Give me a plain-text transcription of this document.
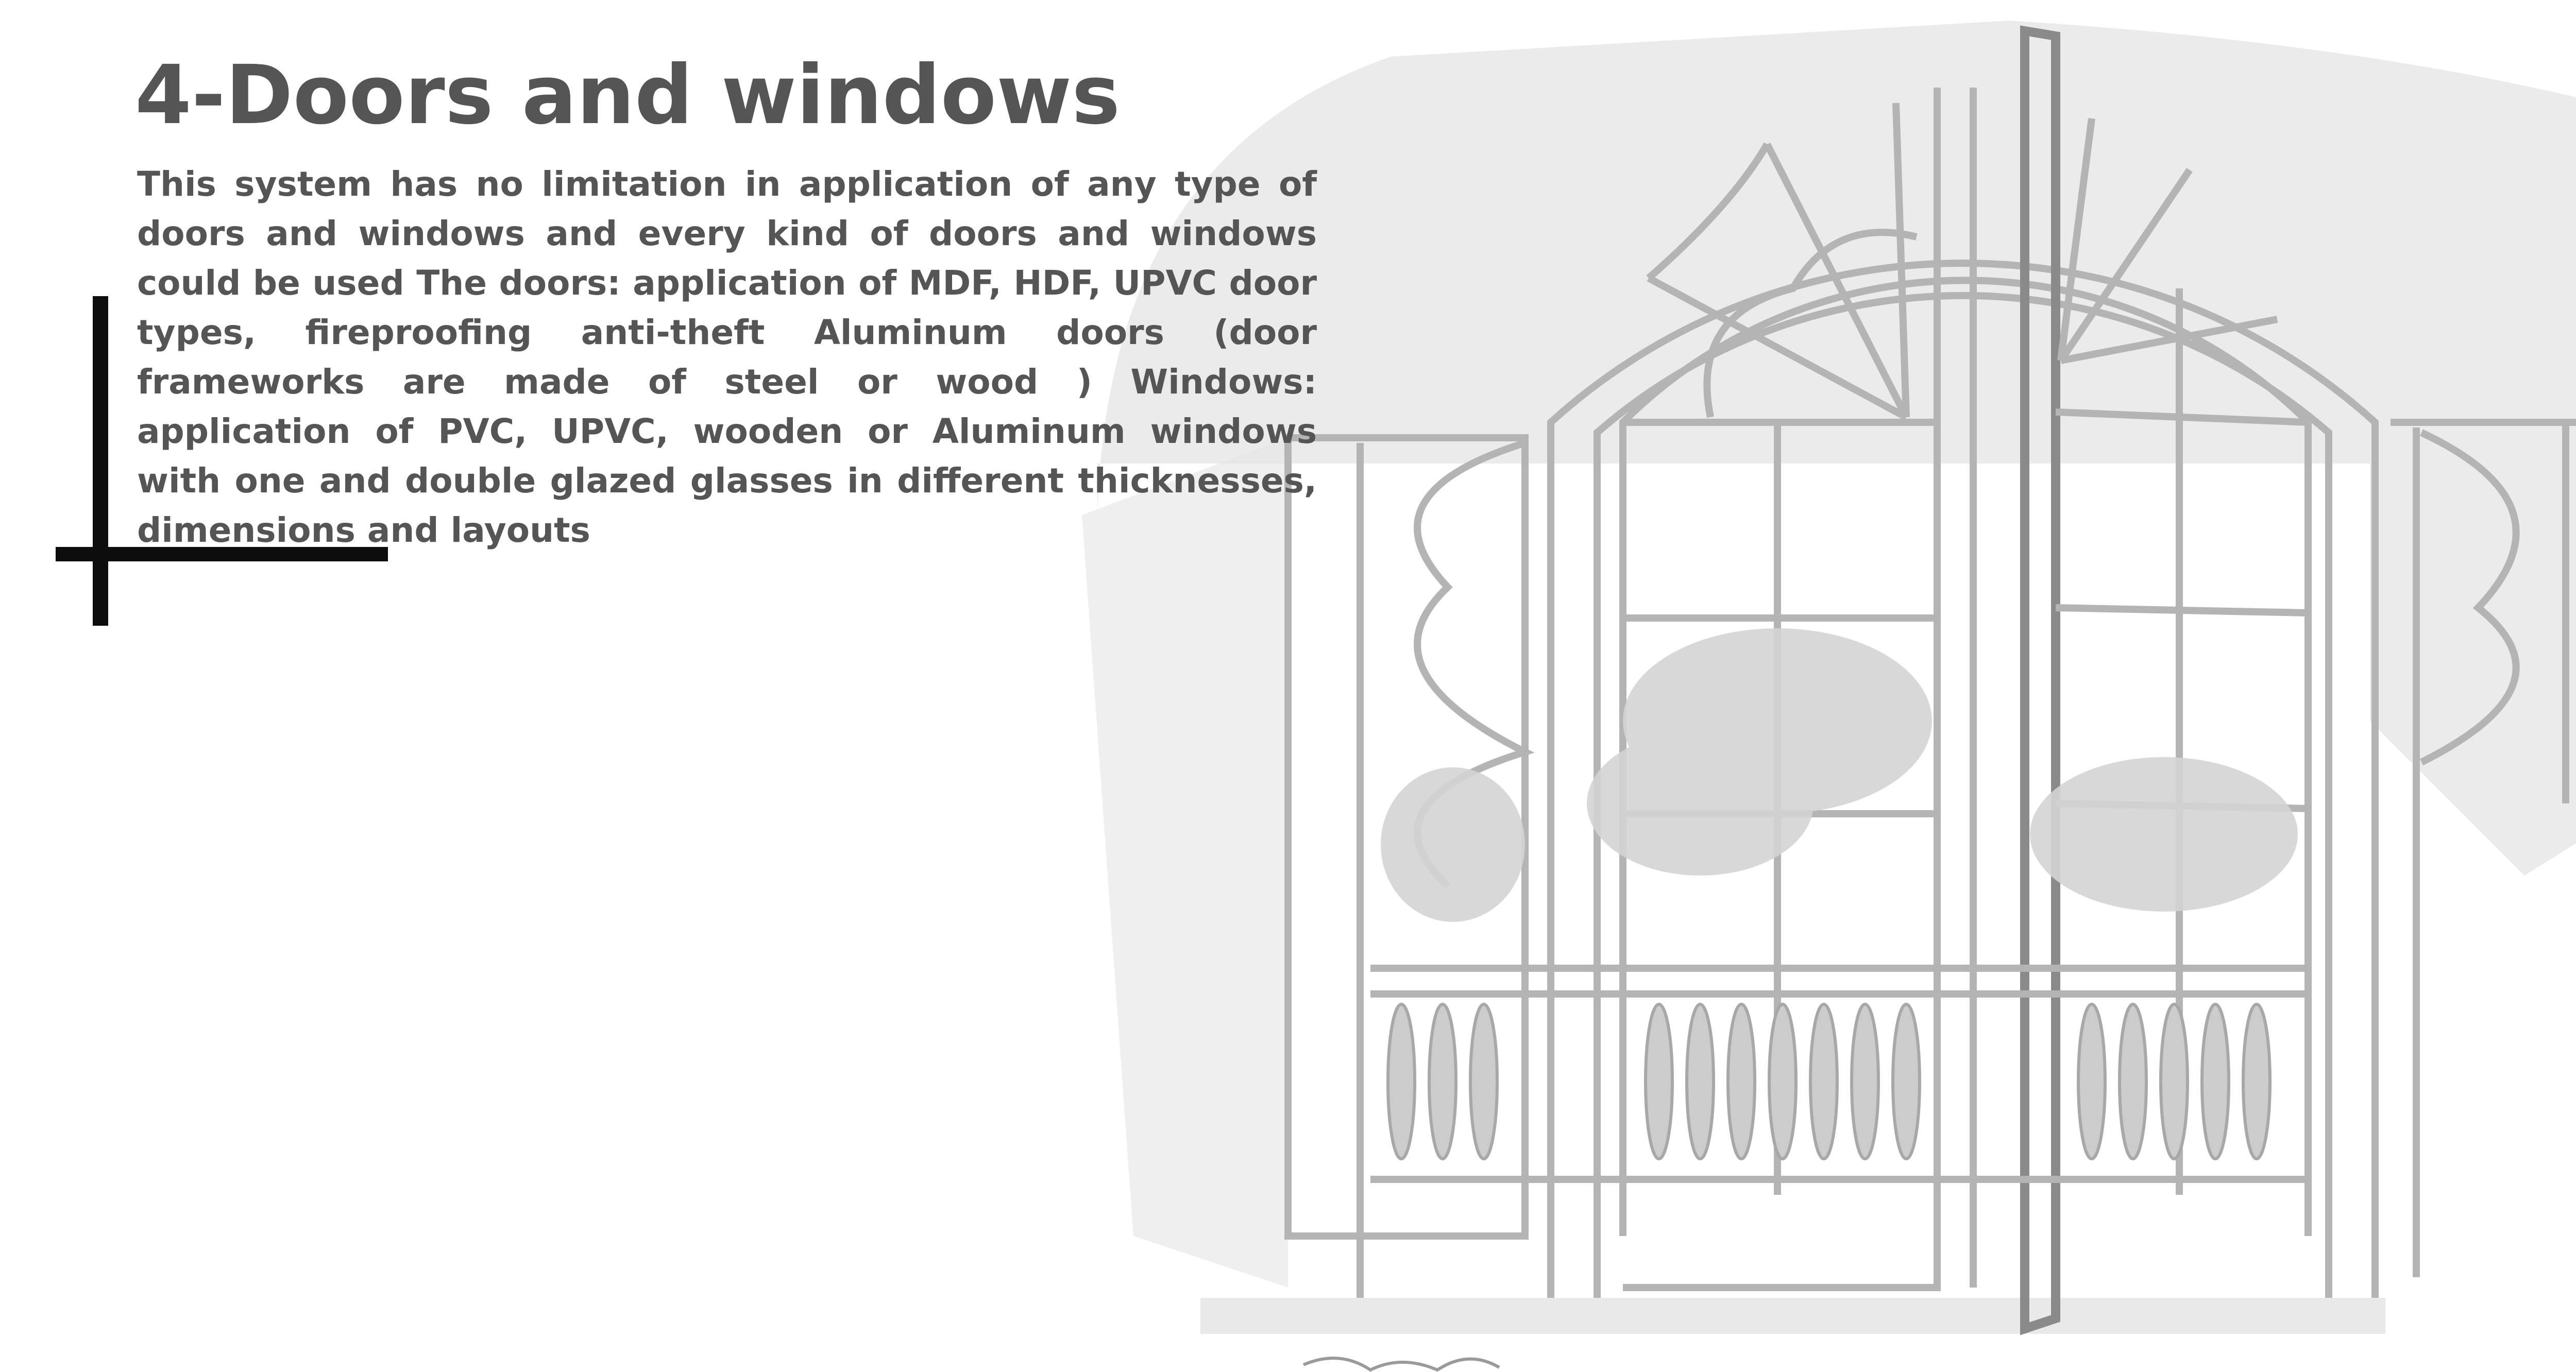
4-Doors and windows

This system has no limitation in application of any type of doors and windows and every kind of doors and windows could be used The doors: application of MDF, HDF, UPVC door types, fireproofing anti-theft Aluminum doors (door frameworks are made of steel or wood ) Windows: application of PVC, UPVC, wooden or Aluminum windows with one and double glazed glasses in different thicknesses, dimensions and layouts
